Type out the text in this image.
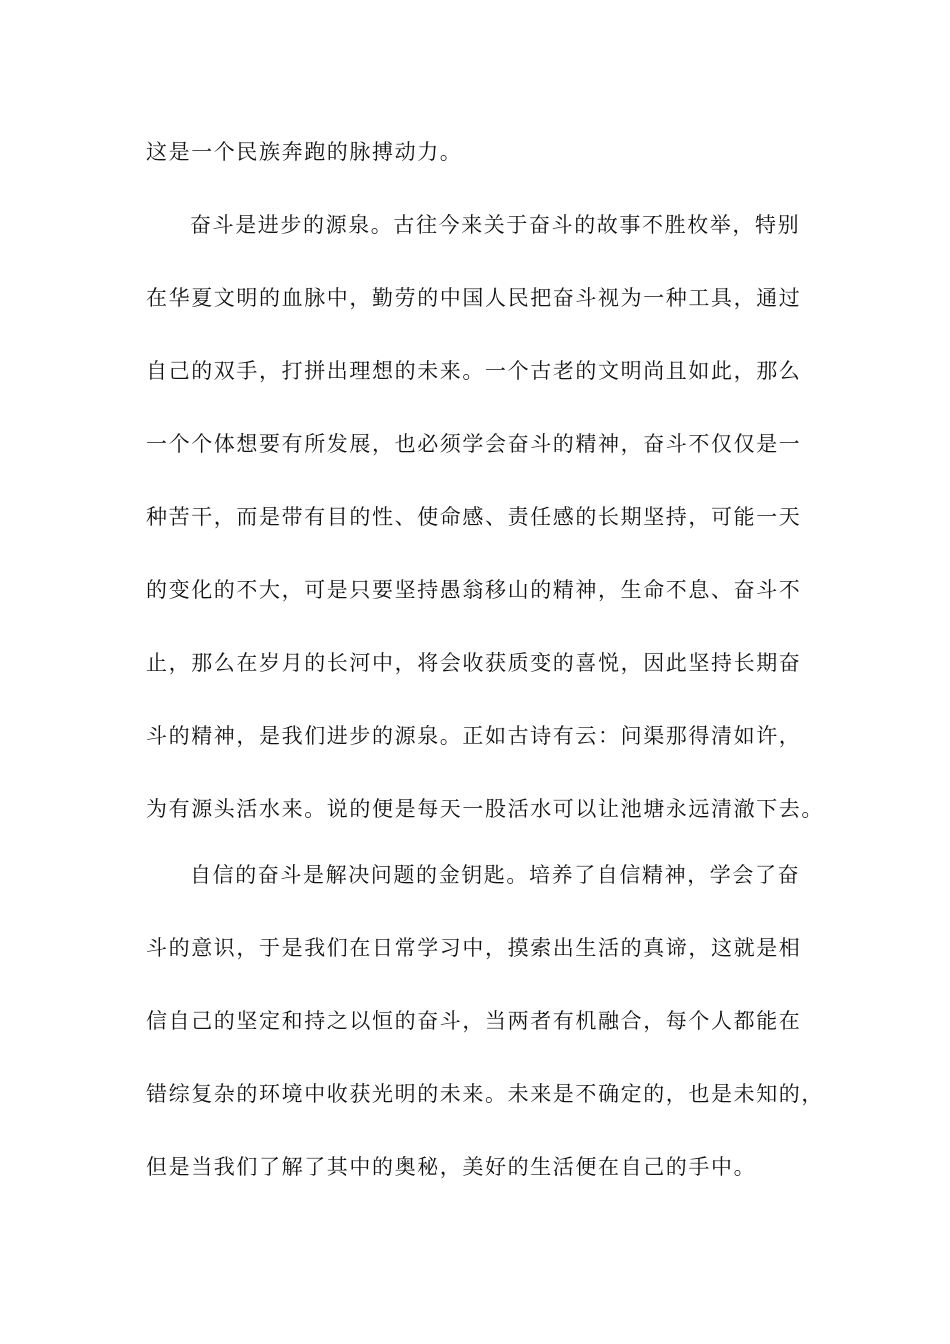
这是一个民族奔跑的脉搏动力。
奋斗是进步的源泉。古往今来关于奋斗的故事不胜枚举，特别
在华夏文明的血脉中，勤劳的中国人民把奋斗视为一种工具，通过
自己的双手，打拼出理想的未来。一个古老的文明尚且如此，那么
一个个体想要有所发展，也必须学会奋斗的精神，奋斗不仅仅是一
种苦干，而是带有目的性、使命感、责任感的长期坚持，可能一天
的变化的不大，可是只要坚持愚翁移山的精神，生命不息、奋斗不
止，那么在岁月的长河中，将会收获质变的喜悦，因此坚持长期奋
斗的精神，是我们进步的源泉。正如古诗有云：问渠那得清如许，
为有源头活水来。说的便是每天一股活水可以让池塘永远清澈下去。
自信的奋斗是解决问题的金钥匙。培养了自信精神，学会了奋
斗的意识，于是我们在日常学习中，摸索出生活的真谛，这就是相
信自己的坚定和持之以恒的奋斗，当两者有机融合，每个人都能在
错综复杂的环境中收获光明的未来。未来是不确定的，也是未知的，
但是当我们了解了其中的奥秘，美好的生活便在自己的手中。
